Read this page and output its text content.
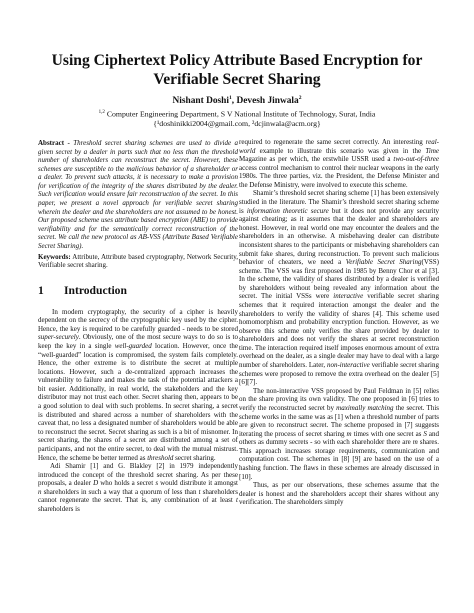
Using Ciphertext Policy Attribute Based Encryption for
Verifiable Secret Sharing
Nishant Doshi$^1$, Devesh Jinwala$^2$
$^{1,2}$ Computer Engineering Department, S V National Institute of Technology, Surat, India
{¹doshinikki2004@gmail.com, ²dcjinwala@acm.org}

Abstract - Threshold secret sharing schemes are used to divide a given secret by a dealer in parts such that no less than the threshold number of shareholders can reconstruct the secret. However, these schemes are susceptible to the malicious behavior of a shareholder or a dealer. To prevent such attacks, it is necessary to make a provision for verification of the integrity of the shares distributed by the dealer. Such verification would ensure fair reconstruction of the secret. In this paper, we present a novel approach for verifiable secret sharing wherein the dealer and the shareholders are not assumed to be honest. Our proposed scheme uses attribute based encryption (ABE) to provide verifiability and for the semantically correct reconstruction of the secret. We call the new protocol as AB-VSS (Attribute Based Verifiable Secret Sharing).

Keywords: Attribute, Attribute based cryptography, Network Security, Verifiable secret sharing.

1 Introduction

In modern cryptography, the security of a cipher is heavily dependent on the secrecy of the cryptographic key used by the cipher. Hence, the key is required to be carefully guarded - needs to be stored super-securely. Obviously, one of the most secure ways to do so is to keep the key in a single well-guarded location. However, once the “well-guarded” location is compromised, the system fails completely. Hence, the other extreme is to distribute the secret at multiple locations. However, such a de-centralized approach increases the vulnerability to failure and makes the task of the potential attackers a bit easier. Additionally, in real world, the stakeholders and the key distributor may not trust each other. Secret sharing then, appears to be a good solution to deal with such problems. In secret sharing, a secret is distributed and shared across a number of shareholders with the caveat that, no less a designated number of shareholders would be able to reconstruct the secret. Secret sharing as such is a bit of misnomer. In secret sharing, the shares of a secret are distributed among a set of participants, and not the entire secret, to deal with the mutual mistrust. Hence, the scheme be better termed as threshold secret sharing.

Adi Shamir [1] and G. Blakley [2] in 1979 independently introduced the concept of the threshold secret sharing. As per these proposals, a dealer D who holds a secret s would distribute it amongst n shareholders in such a way that a quorum of less than t shareholders cannot regenerate the secret. That is, any combination of at least t shareholders is

required to regenerate the same secret correctly. An interesting real-world example to illustrate this scenario was given in the Time Magazine as per which, the erstwhile USSR used a two-out-of-three access control mechanism to control their nuclear weapons in the early 1980s. The three parties, viz. the President, the Defense Minister and the Defense Ministry, were involved to execute this scheme.

Shamir’s threshold secret sharing scheme [1] has been extensively studied in the literature. The Shamir’s threshold secret sharing scheme is information theoretic secure but it does not provide any security against cheating; as it assumes that the dealer and shareholders are honest. However, in real world one may encounter the dealers and the shareholders in an otherwise. A misbehaving dealer can distribute inconsistent shares to the participants or misbehaving shareholders can submit fake shares, during reconstruction. To prevent such malicious behavior of cheaters, we need a Verifiable Secret Sharing(VSS) scheme. The VSS was first proposed in 1985 by Benny Chor et al [3]. In the scheme, the validity of shares distributed by a dealer is verified by shareholders without being revealed any information about the secret. The initial VSSs were interactive verifiable secret sharing schemes that it required interaction amongst the dealer and the shareholders to verify the validity of shares [4]. This scheme used homomorphism and probability encryption function. However, as we observe this scheme only verifies the share provided by dealer to shareholders and does not verify the shares at secret reconstruction time. The interaction required itself imposes enormous amount of extra overhead on the dealer, as a single dealer may have to deal with a large number of shareholders. Later, non-interactive verifiable secret sharing schemes were proposed to remove the extra overhead on the dealer [5][6][7].

The non-interactive VSS proposed by Paul Feldman in [5] relies on the share proving its own validity. The one proposed in [6] tries to verify the reconstructed secret by maximally matching the secret. This scheme works in the same was as [1] when a threshold number of parts are given to reconstruct secret. The scheme proposed in [7] suggests iterating the process of secret sharing m times with one secret as S and others as dummy secrets - so with each shareholder there are m shares. This approach increases storage requirements, communication and computation cost. The schemes in [8] [9] are based on the use of a hashing function. The flaws in these schemes are already discussed in [10].

Thus, as per our observations, these schemes assume that the dealer is honest and the shareholders accept their shares without any verification. The shareholders simply
